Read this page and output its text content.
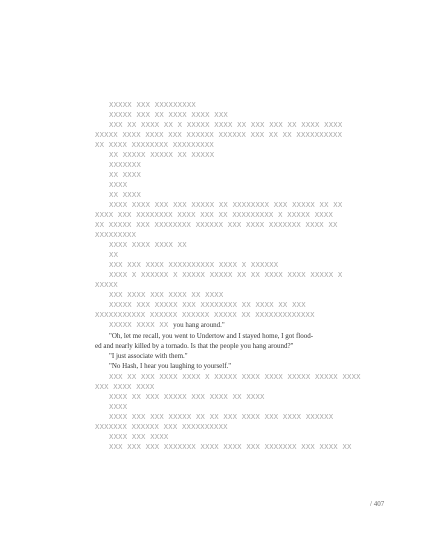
XXXXX XXX XXXXXXXXX
XXXXX XXX XX XXXX XXXX XXX
XXX XX XXXX XX X XXXXX XXXX XX XXX XXX XX XXXX XXXX
XXXXX XXXX XXXX XXX XXXXXX XXXXXX XXX XX XX XXXXXXXXXX
XX XXXX XXXXXXXX XXXXXXXXX
XX XXXXX XXXXX XX XXXXX
XXXXXXX
XX XXXX
XXXX
XX XXXX
XXXX XXXX XXX XXX XXXXX XX XXXXXXXX XXX XXXXX XX XX
XXXX XXX XXXXXXXX XXXX XXX XX XXXXXXXXX X XXXXX XXXX
XX XXXXX XXX XXXXXXXX XXXXXX XXX XXXX XXXXXXX XXXX XX
XXXXXXXXX
XXXX XXXX XXXX XX
XX
XXX XXX XXXX XXXXXXXXXX XXXX X XXXXXX
XXXX X XXXXXX X XXXXX XXXXX XX XX XXXX XXXX XXXXX X
XXXXX
XXX XXXX XXX XXXX XX XXXX
XXXXX XXX XXXXX XXX XXXXXXXX XX XXXX XX XXX
XXXXXXXXXXX XXXXXX XXXXXX XXXXX XX XXXXXXXXXXXXX
XXXXX XXXX XX you hang around."
"Oh, let me recall, you went to Undertow and I stayed home, I got flood-
ed and nearly killed by a tornado. Is that the people you hang around?"
"I just associate with them."
"No Hash, I hear you laughing to yourself."
XXX XX XXX XXXX XXXX X XXXXX XXXX XXXX XXXXX XXXXX XXXX
XXX XXXX XXXX
XXXX XX XXX XXXXX XXX XXXX XX XXXX
XXXX
XXXX XXX XXX XXXXX XX XX XXX XXXX XXX XXXX XXXXXX
XXXXXXX XXXXXX XXX XXXXXXXXXX
XXXX XXX XXXX
XXX XXX XXX XXXXXXX XXXX XXXX XXX XXXXXXX XXX XXXX XX
/ 407
